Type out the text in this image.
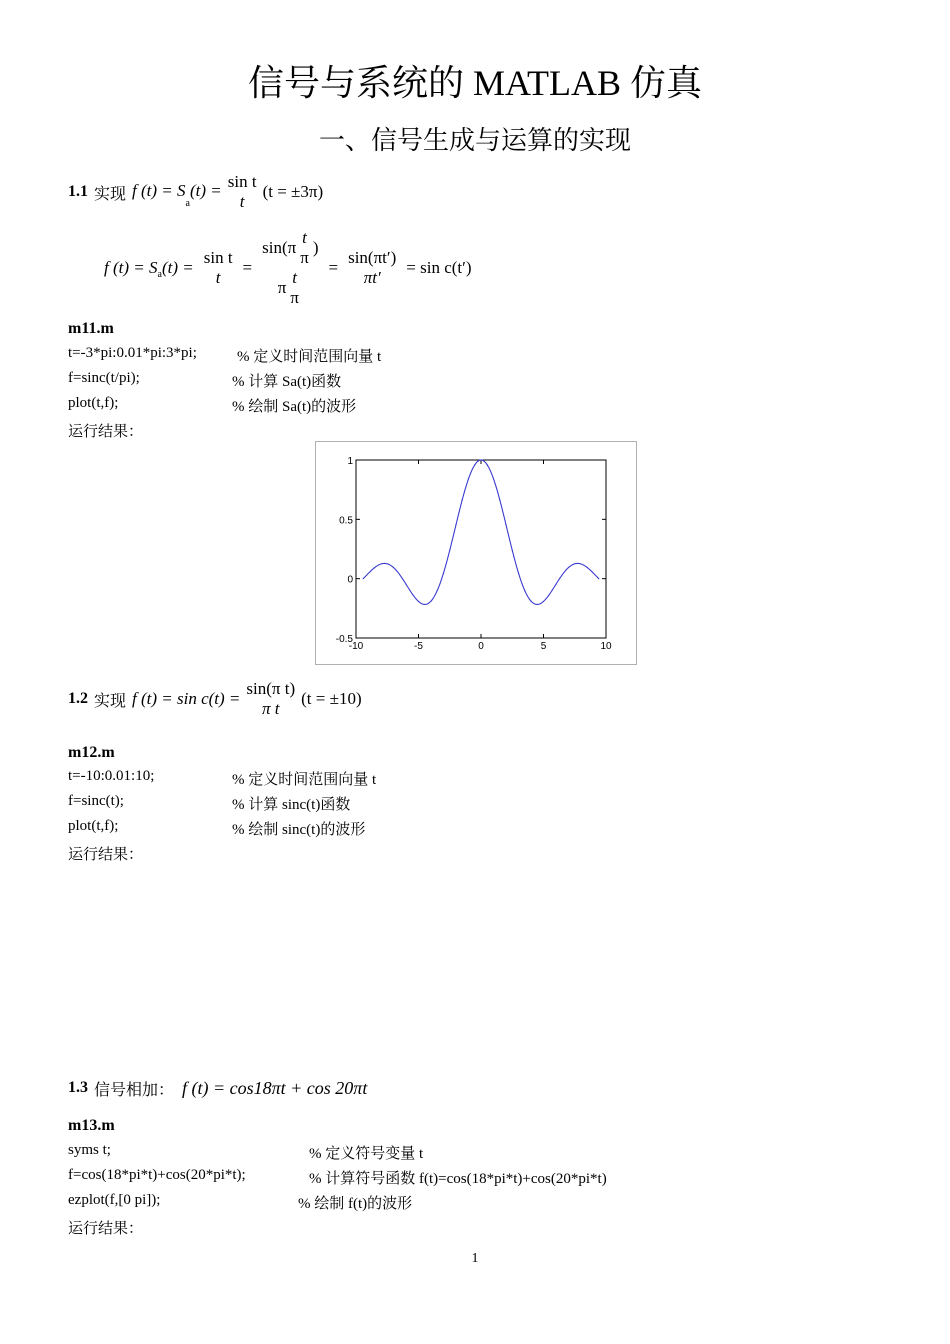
信号与系统的 MATLAB 仿真
一、信号生成与运算的实现
1.1 实现 f $(t) = S_a(t) = \sin t$
t
(t = ±3π)
f $(t) = S_a$ (t) =
sin t
t
=
sin(π
t
π
)
π
t
π
=
sin(πt′)
πt′
= sin c(t′)
m11.m
t=-3*pi:0.01*pi:3*pi;	% 定义时间范围向量 t
f=sinc(t/pi);	% 计算 Sa(t)函数
plot(t,f);	% 绘制 Sa(t)的波形
运行结果：
-10	-5	0	5	10
1
0.5
0
-0.5
1.2 实现 f (t) = sin c(t) =
sin(π t)
π t
(t = ±10)
m12.m
t=-10:0.01:10;	% 定义时间范围向量 t
f=sinc(t);	% 计算 sinc(t)函数
plot(t,f);	% 绘制 sinc(t)的波形
运行结果：
1.3 信号相加： f (t) = cos18πt + cos 20πt
m13.m
syms t;	% 定义符号变量 t
f=cos(18*pi*t)+cos(20*pi*t);	% 计算符号函数 f(t)=cos(18*pi*t)+cos(20*pi*t)
ezplot(f,[0 pi]);	% 绘制 f(t)的波形
运行结果：
1
